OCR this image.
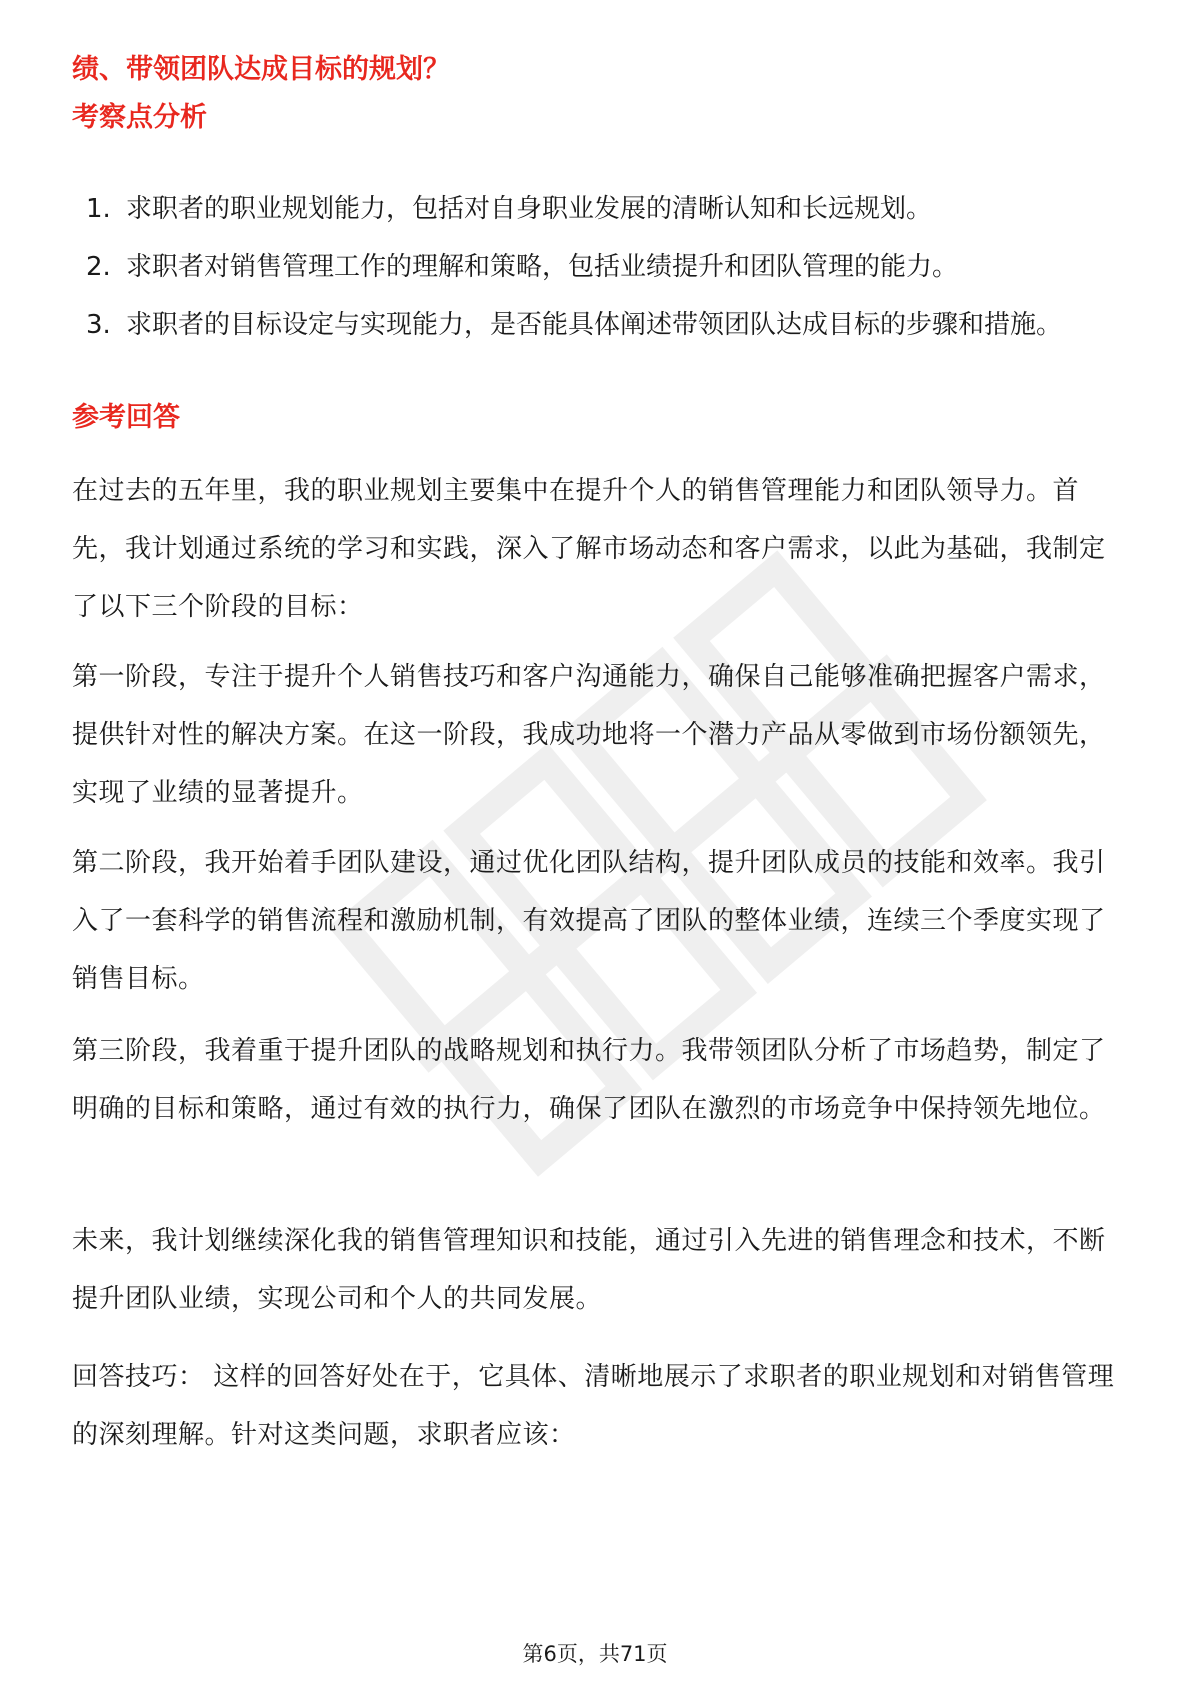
绩、带领团队达成目标的规划？
考察点分析
1. 求职者的职业规划能力，包括对自身职业发展的清晰认知和长远规划。
2. 求职者对销售管理工作的理解和策略，包括业绩提升和团队管理的能力。
3. 求职者的目标设定与实现能力，是否能具体阐述带领团队达成目标的步骤和措施。
参考回答

在过去的五年里，我的职业规划主要集中在提升个人的销售管理能力和团队领导力。首先，我计划通过系统的学习和实践，深入了解市场动态和客户需求，以此为基础，我制定了以下三个阶段的目标：

第一阶段，专注于提升个人销售技巧和客户沟通能力，确保自己能够准确把握客户需求，提供针对性的解决方案。在这一阶段，我成功地将一个潜力产品从零做到市场份额领先，实现了业绩的显著提升。

第二阶段，我开始着手团队建设，通过优化团队结构，提升团队成员的技能和效率。我引入了一套科学的销售流程和激励机制，有效提高了团队的整体业绩，连续三个季度实现了销售目标。

第三阶段，我着重于提升团队的战略规划和执行力。我带领团队分析了市场趋势，制定了明确的目标和策略，通过有效的执行力，确保了团队在激烈的市场竞争中保持领先地位。

未来，我计划继续深化我的销售管理知识和技能，通过引入先进的销售理念和技术，不断提升团队业绩，实现公司和个人的共同发展。

回答技巧： 这样的回答好处在于，它具体、清晰地展示了求职者的职业规划和对销售管理的深刻理解。针对这类问题，求职者应该：

第6页，共71页
